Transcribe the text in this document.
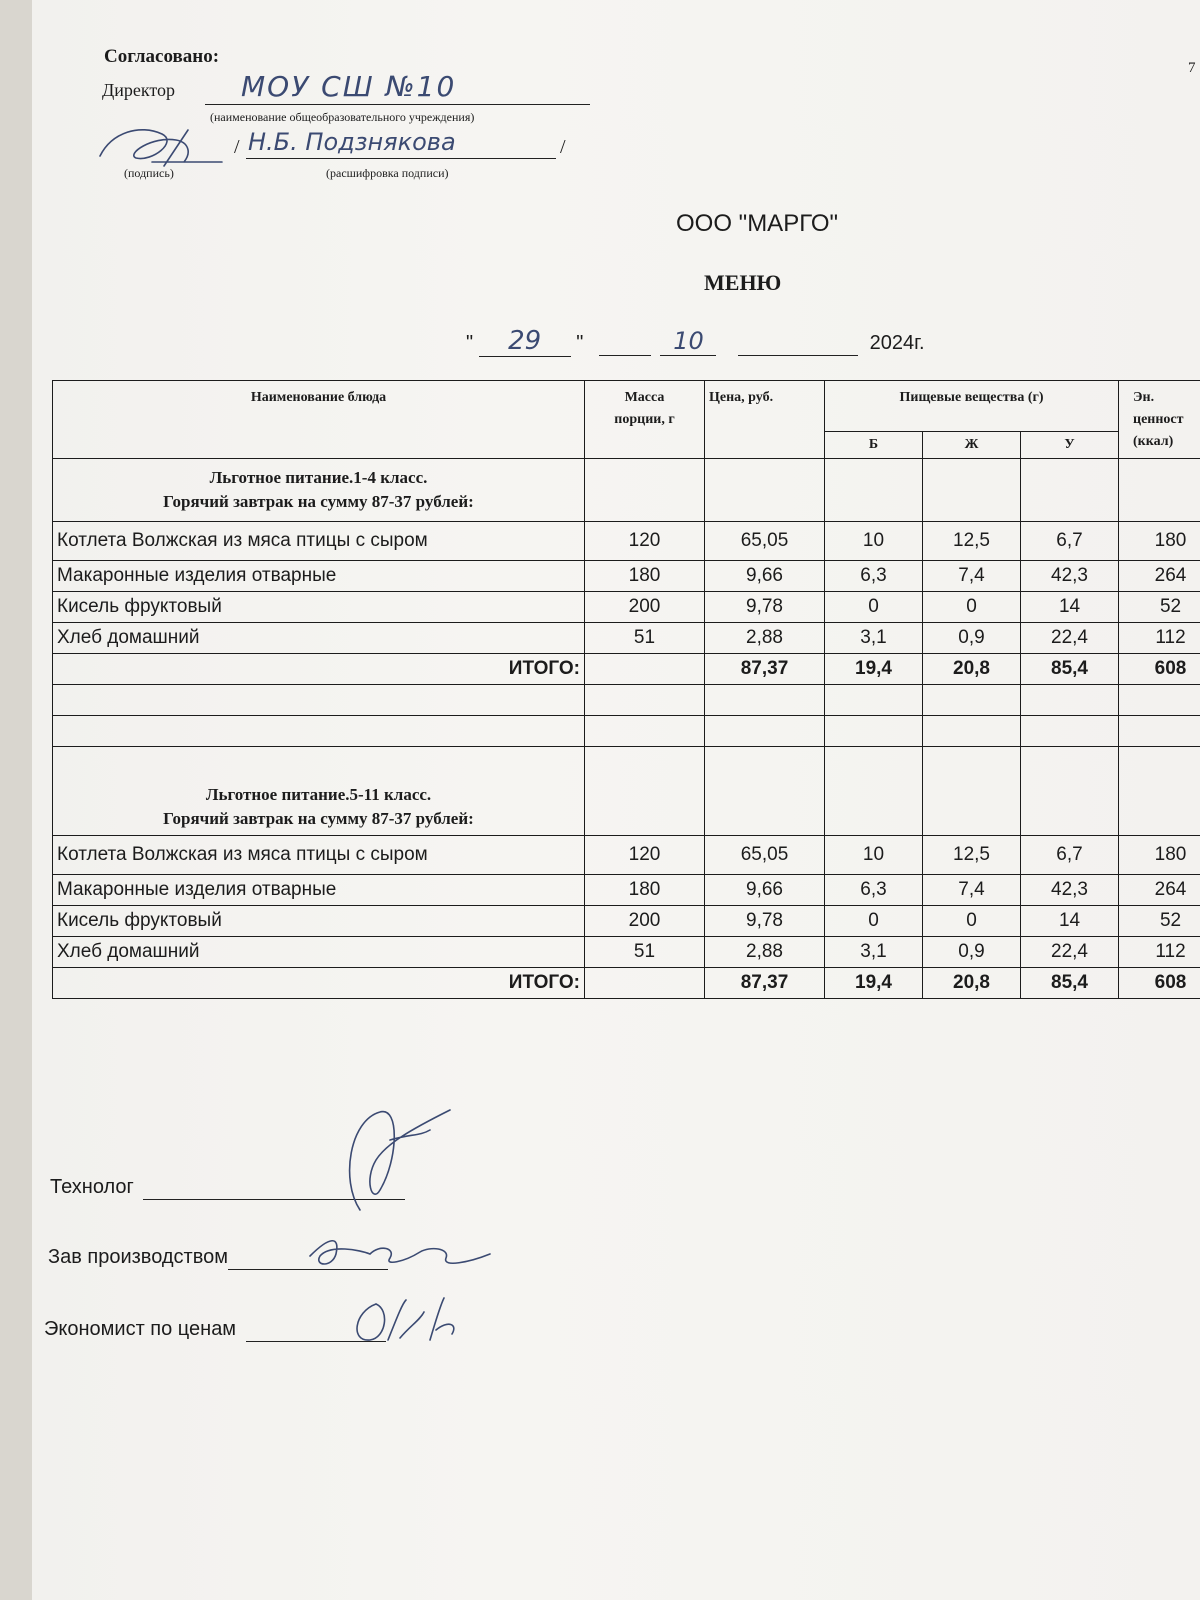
Согласовано:
7
Директор МОУ СШ №10
(наименование общеобразовательного учреждения)
/ Н.Б. Подзнякова	/
(подпись)	(расшифровка подписи)
ООО "МАРГО"
МЕНЮ
" 29 "	10	2024г.
Наименование блюда	Масса
порции, г	Цена, руб.	Пищевые вещества (г)			Эн.
ценност
(ккал)
			Б	Ж	У	
Льготное питание.1-4 класс.
Горячий завтрак на сумму 87-37 рублей:						
Котлета Волжская из мяса птицы с сыром	120	65,05	10	12,5	6,7	180
Макаронные изделия отварные	180	9,66	6,3	7,4	42,3	264
Кисель фруктовый	200	9,78	0	0	14	52
Хлеб домашний	51	2,88	3,1	0,9	22,4	112
ИТОГО:		87,37	19,4	20,8	85,4	608

Льготное питание.5-11 класс.
Горячий завтрак на сумму 87-37 рублей:						
Котлета Волжская из мяса птицы с сыром	120	65,05	10	12,5	6,7	180
Макаронные изделия отварные	180	9,66	6,3	7,4	42,3	264
Кисель фруктовый	200	9,78	0	0	14	52
Хлеб домашний	51	2,88	3,1	0,9	22,4	112
ИТОГО:		87,37	19,4	20,8	85,4	608
Технолог
Зав производством
Экономист по ценам
